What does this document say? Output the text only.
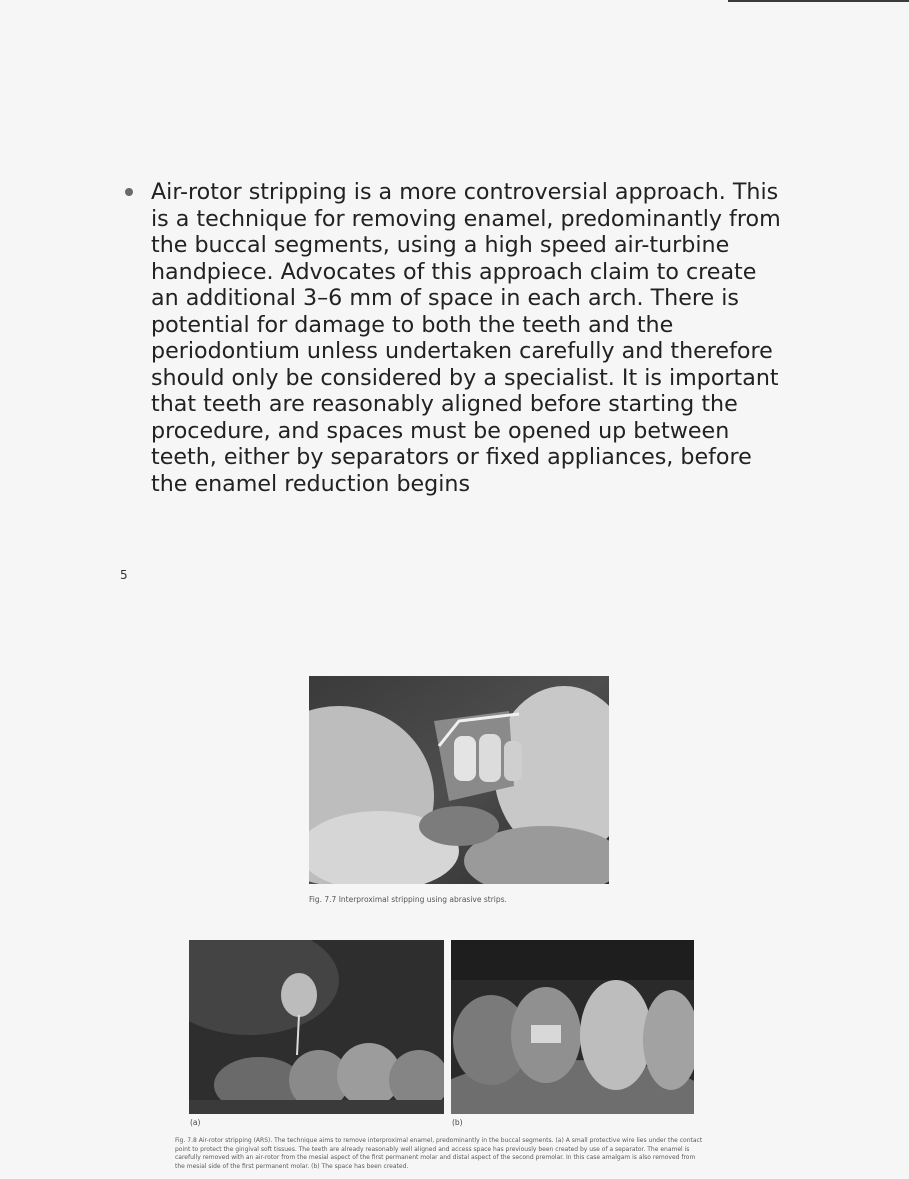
Air-rotor stripping is a more controversial approach. This is a technique for removing enamel, predominantly from the buccal segments, using a high speed air-turbine handpiece. Advocates of this approach claim to create an additional 3–6 mm of space in each arch. There is potential for damage to both the teeth and the periodontium unless undertaken carefully and therefore should only be considered by a specialist. It is important that teeth are reasonably aligned before starting the procedure, and spaces must be opened up between teeth, either by separators or fixed appliances, before the enamel reduction begins

5
Fig. 7.7 Interproximal stripping using abrasive strips.
(a)	(b)

Fig. 7.8 Air-rotor stripping (ARS). The technique aims to remove interproximal enamel, predominantly in the buccal segments. (a) A small protective wire lies under the contact point to protect the gingival soft tissues. The teeth are already reasonably well aligned and access space has previously been created by use of a separator. The enamel is carefully removed with an air-rotor from the mesial aspect of the first permanent molar and distal aspect of the second premolar. In this case amalgam is also removed from the mesial side of the first permanent molar. (b) The space has been created.
